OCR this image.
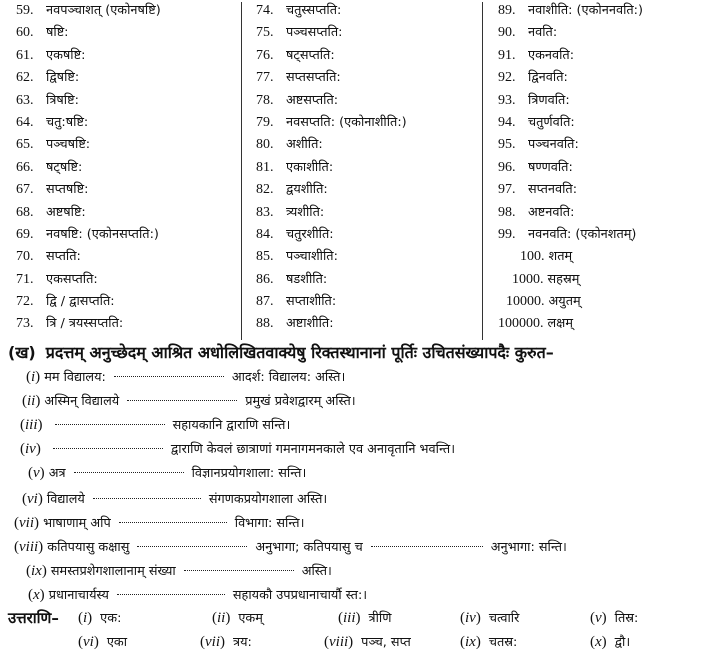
59. नवपञ्चाशत् (एकोनषष्टि)
60. षष्टि:
61. एकषष्टि:
62. द्विषष्टि:
63. त्रिषष्टि:
64. चतु:षष्टि:
65. पञ्चषष्टि:
66. षट्षष्टि:
67. सप्तषष्टि:
68. अष्टषष्टि:
69. नवषष्टि: (एकोनसप्तति:)
70. सप्तति:
71. एकसप्तति:
72. द्वि / द्वासप्तति:
73. त्रि / त्रयस्सप्तति:
74. चतुस्सप्तति:
75. पञ्चसप्तति:
76. षट्सप्तति:
77. सप्तसप्तति:
78. अष्टसप्तति:
79. नवसप्तति: (एकोनाशीति:)
80. अशीति:
81. एकाशीति:
82. द्वयशीति:
83. त्र्यशीति:
84. चतुरशीति:
85. पञ्चाशीति:
86. षडशीति:
87. सप्ताशीति:
88. अष्टाशीति:
89. नवाशीति: (एकोननवति:)
90. नवति:
91. एकनवति:
92. द्विनवति:
93. त्रिणवति:
94. चतुर्णवति:
95. पञ्चनवति:
96. षण्णवति:
97. सप्तनवति:
98. अष्टनवति:
99. नवनवति: (एकोनशतम्)
100. शतम्
1000. सहस्रम्
10000. अयुतम्
100000. लक्षम्
(ख) प्रदत्तम् अनुच्छेदम् आश्रित अधोलिखितवाक्येषु रिक्तस्थानानां पूर्तिः उचितसंख्यापदैः कुरुत–
(i) मम विद्यालय:	आदर्श: विद्यालय: अस्ति।
(ii) अस्मिन् विद्यालये	प्रमुखं प्रवेशद्वारम् अस्ति।
(iii)	सहायकानि द्वाराणि सन्ति।
(iv)	द्वाराणि केवलं छात्राणां गमनागमनकाले एव अनावृतानि भवन्ति।
(v) अत्र	विज्ञानप्रयोगशाला: सन्ति।
(vi) विद्यालये	संगणकप्रयोगशाला अस्ति।
(vii) भाषाणाम् अपि	विभागा: सन्ति।
(viii) कतिपयासु कक्षासु	अनुभागा; कतिपयासु च	अनुभागा: सन्ति।
(ix) समस्तप्रशेगशालानाम् संख्या	अस्ति।
(x) प्रधानाचार्यस्य	सहायकौ उपप्रधानाचार्यौ स्त:।
उत्तराणि– (i) एक:	(ii) एकम्	(iii) त्रीणि	(iv) चत्वारि	(v) तिस्र:
(vi) एका	(vii) त्रय:	(viii) पञ्च, सप्त	(ix) चतस्र:	(x) द्वौ।
